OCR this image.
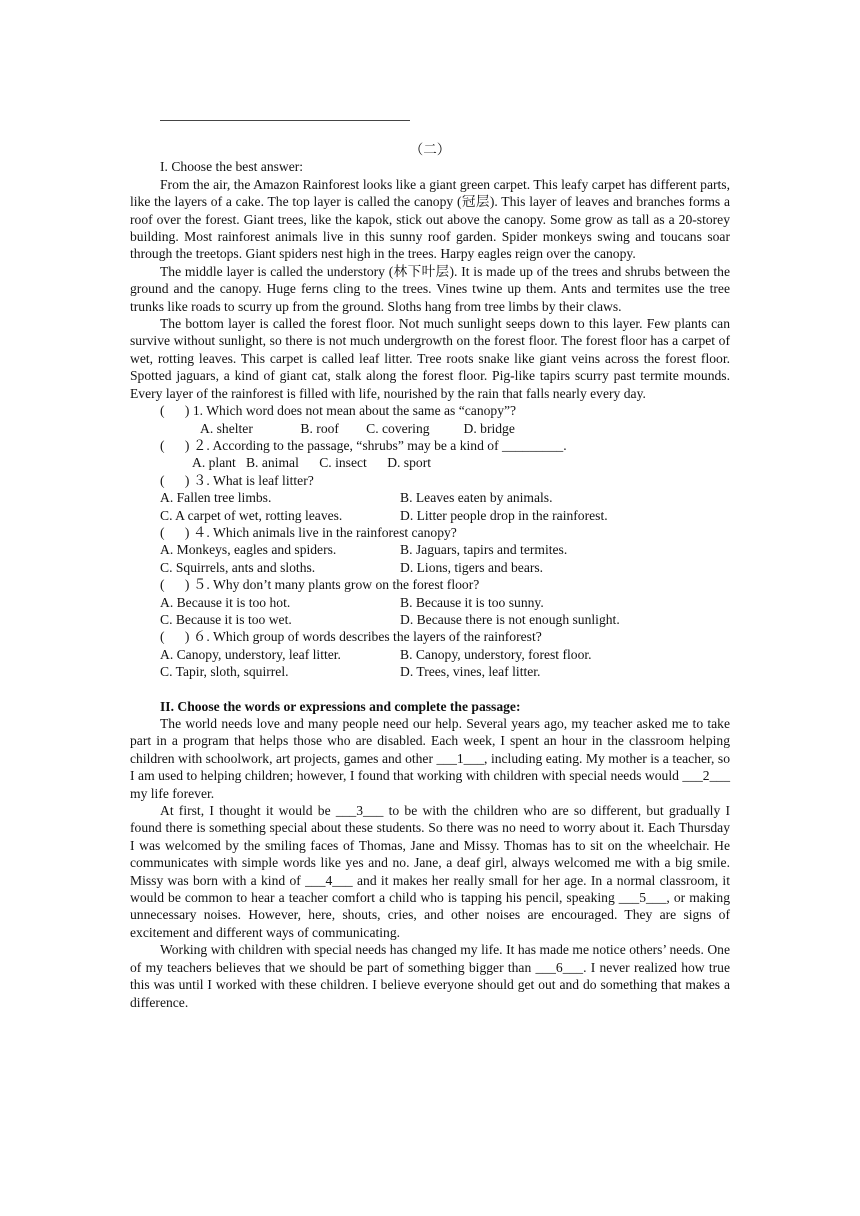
（二）

I. Choose the best answer:

From the air, the Amazon Rainforest looks like a giant green carpet. This leafy carpet has different parts, like the layers of a cake. The top layer is called the canopy (冠层). This layer of leaves and branches forms a roof over the forest. Giant trees, like the kapok, stick out above the canopy. Some grow as tall as a 20-storey building. Most rainforest animals live in this sunny roof garden. Spider monkeys swing and toucans soar through the treetops. Giant spiders nest high in the trees. Harpy eagles reign over the canopy.

The middle layer is called the understory (林下叶层). It is made up of the trees and shrubs between the ground and the canopy. Huge ferns cling to the trees. Vines twine up them. Ants and termites use the tree trunks like roads to scurry up from the ground. Sloths hang from tree limbs by their claws.

The bottom layer is called the forest floor. Not much sunlight seeps down to this layer. Few plants can survive without sunlight, so there is not much undergrowth on the forest floor. The forest floor has a carpet of wet, rotting leaves. This carpet is called leaf litter. Tree roots snake like giant veins across the forest floor. Spotted jaguars, a kind of giant cat, stalk along the forest floor. Pig-like tapirs scurry past termite mounds. Every layer of the rainforest is filled with life, nourished by the rain that falls nearly every day.

(      ) 1. Which word does not mean about the same as “canopy”?

A. shelter              B. roof        C. covering          D. bridge

(      ) ２. According to the passage, “shrubs” may be a kind of _________.

A. plant   B. animal      C. insect      D. sport

(      ) ３. What is leaf litter?

A. Fallen tree limbs.	B. Leaves eaten by animals.
C. A carpet of wet, rotting leaves.	D. Litter people drop in the rainforest.

(      ) ４. Which animals live in the rainforest canopy?

A. Monkeys, eagles and spiders.	B. Jaguars, tapirs and termites.
C. Squirrels, ants and sloths.	D. Lions, tigers and bears.

(      ) ５. Why don’t many plants grow on the forest floor?

A. Because it is too hot.	B. Because it is too sunny.
C. Because it is too wet.	D. Because there is not enough sunlight.

(      ) ６. Which group of words describes the layers of the rainforest?

A. Canopy, understory, leaf litter.	B. Canopy, understory, forest floor.
C. Tapir, sloth, squirrel.	D. Trees, vines, leaf litter.

II. Choose the words or expressions and complete the passage:

The world needs love and many people need our help. Several years ago, my teacher asked me to take part in a program that helps those who are disabled. Each week, I spent an hour in the classroom helping children with schoolwork, art projects, games and other ___1___, including eating. My mother is a teacher, so I am used to helping children; however, I found that working with children with special needs would ___2___ my life forever.

At first, I thought it would be ___3___ to be with the children who are so different, but gradually I found there is something special about these students. So there was no need to worry about it. Each Thursday I was welcomed by the smiling faces of Thomas, Jane and Missy. Thomas has to sit on the wheelchair. He communicates with simple words like yes and no. Jane, a deaf girl, always welcomed me with a big smile. Missy was born with a kind of ___4___ and it makes her really small for her age. In a normal classroom, it would be common to hear a teacher comfort a child who is tapping his pencil, speaking ___5___, or making unnecessary noises. However, here, shouts, cries, and other noises are encouraged. They are signs of excitement and different ways of communicating.

Working with children with special needs has changed my life. It has made me notice others’ needs. One of my teachers believes that we should be part of something bigger than ___6___. I never realized how true this was until I worked with these children. I believe everyone should get out and do something that makes a difference.
